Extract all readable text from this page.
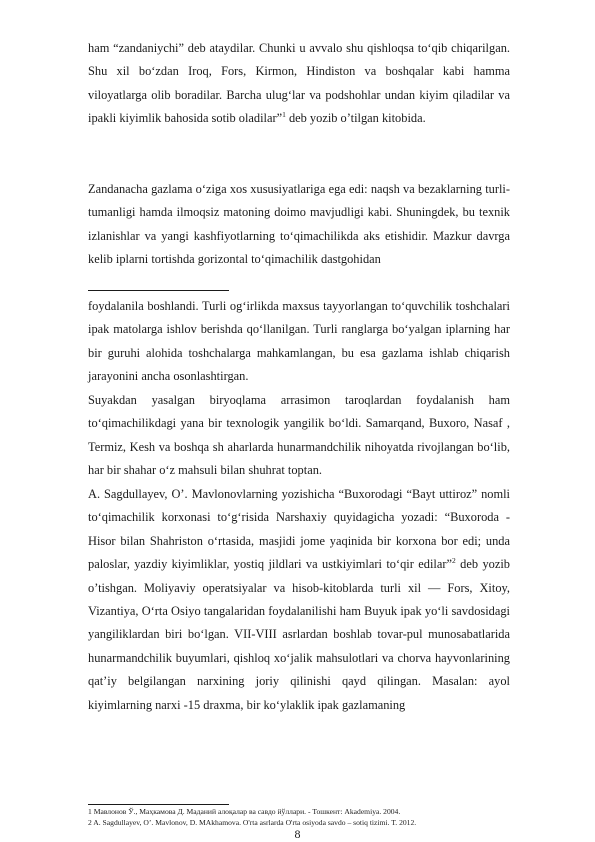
ham “zandaniychi” deb ataydilar. Chunki u avvalo shu qishloqsa to‘qib chiqarilgan. Shu xil bo‘zdan Iroq, Fors, Kirmon, Hindiston va boshqalar kabi hamma viloyatlarga olib boradilar. Barcha ulug‘lar va podshohlar undan kiyim qiladilar va ipakli kiyimlik bahosida sotib oladilar”$^1$ deb yozib o’tilgan kitobida.

Zandanacha gazlama o‘ziga xos xususiyatlariga ega edi: naqsh va bezaklarning turli-tumanligi hamda ilmoqsiz matoning doimo mavjudligi kabi. Shuningdek, bu texnik izlanishlar va yangi kashfiyotlarning to‘qimachilikda aks etishidir. Mazkur davrga kelib iplarni tortishda gorizontal to‘qimachilik dastgohidan

foydalanila boshlandi. Turli og‘irlikda maxsus tayyorlangan to‘quvchilik toshchalari ipak matolarga ishlov berishda qo‘llanilgan. Turli ranglarga bo‘yalgan iplarning har bir guruhi alohida toshchalarga mahkamlangan, bu esa gazlama ishlab chiqarish jarayonini ancha osonlashtirgan.

Suyakdan yasalgan biryoqlama arrasimon taroqlardan foydalanish ham to‘qimachilikdagi yana bir texnologik yangilik bo‘ldi. Samarqand, Buxoro, Nasaf , Termiz, Kesh va boshqa sh aharlarda hunarmandchilik nihoyatda rivojlangan bo‘lib, har bir shahar o‘z mahsuli bilan shuhrat toptan.

A. Sagdullayev, O’. Mavlonovlarning yozishicha “Buxorodagi “Bayt uttiroz” nomli to‘qimachilik korxonasi to‘g‘risida Narshaxiy quyidagicha yozadi: “Buxoroda - Hisor bilan Shahriston o‘rtasida, masjidi jome yaqinida bir korxona bor edi; unda paloslar, yazdiy kiyimliklar, yostiq jildlari va ustkiyimlari to‘qir edilar”$^2$ deb yozib o’tishgan. Moliyaviy operatsiyalar va hisob-kitoblarda turli xil — Fors, Xitoy, Vizantiya, O‘rta Osiyo tangalaridan foydalanilishi ham Buyuk ipak yo‘li savdosidagi yangiliklardan biri bo‘lgan. VII-VIII asrlardan boshlab tovar-pul munosabatlarida hunarmandchilik buyumlari, qishloq xo‘jalik mahsulotlari va chorva hayvonlarining qat’iy belgilangan narxining joriy qilinishi qayd qilingan. Masalan: ayol kiyimlarning narxi -15 draxma, bir ko‘ylaklik ipak gazlamaning

1 Мавлонов Ў., Маҳкамова Д. Маданий алоқалар ва савдо йўллари. - Тошкент: Akademiya. 2004.

2 A. Sagdullayev, O’. Mavlonov, D. MAkhamova. O'rta asrlarda O'rta osiyoda savdo – sotiq tizimi. T. 2012.

8
